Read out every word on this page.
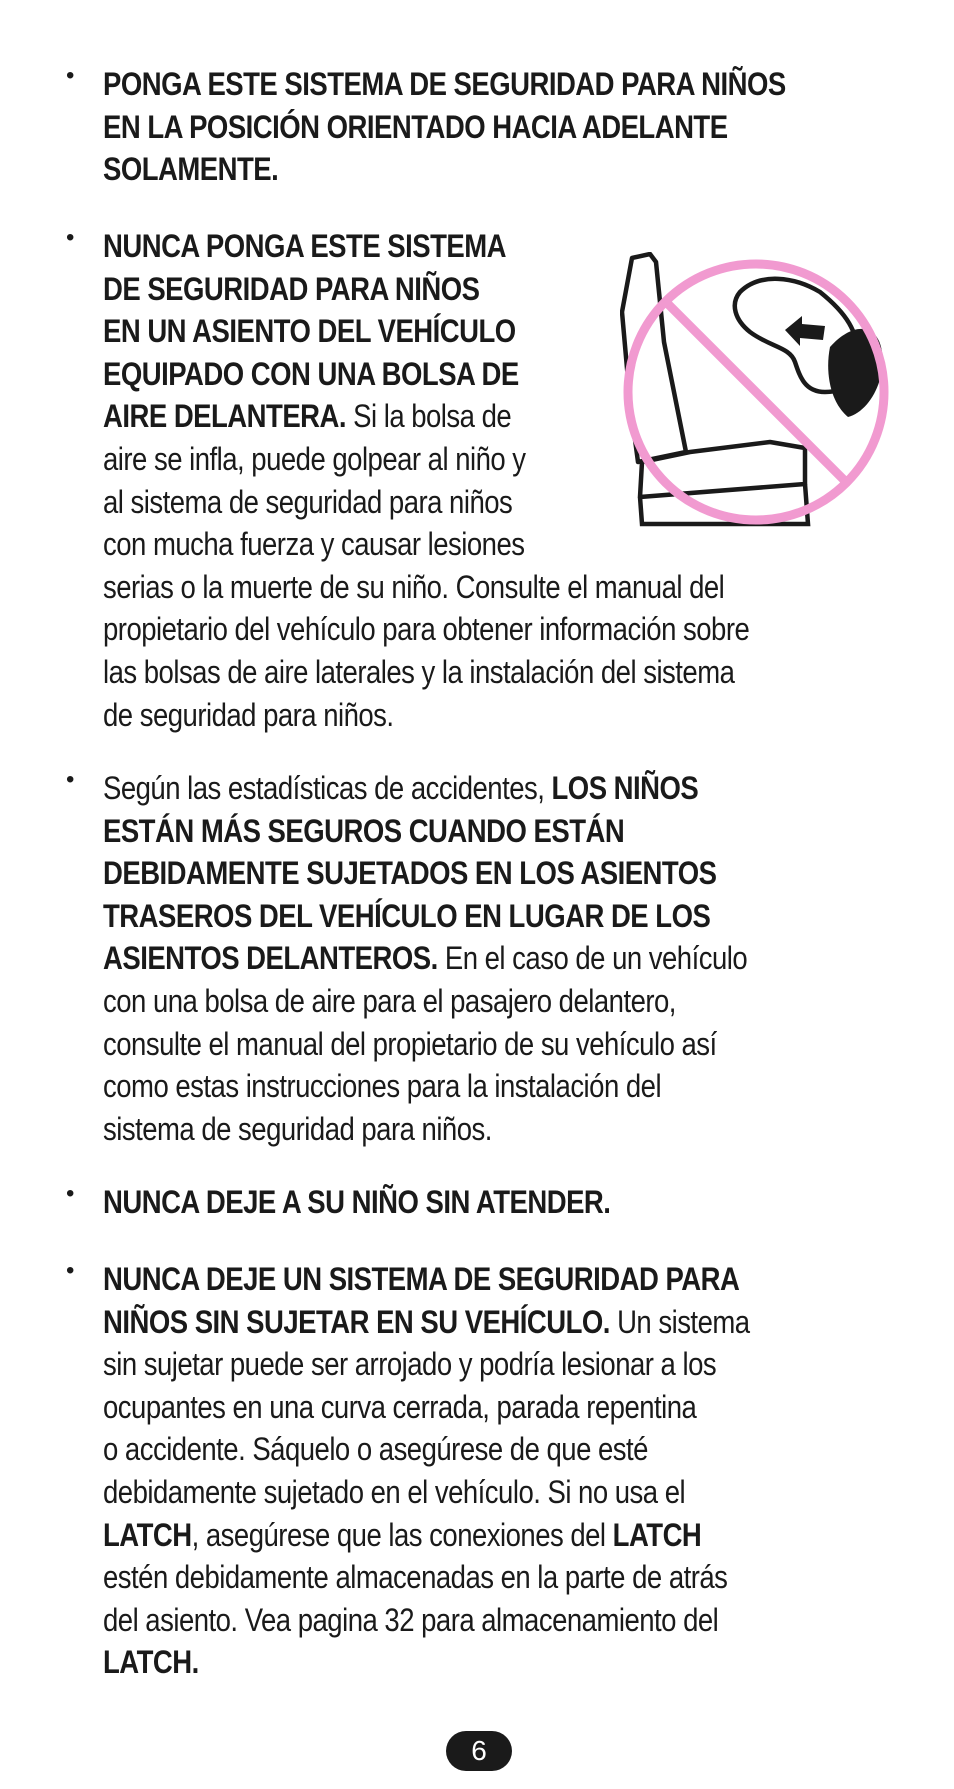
• PONGA ESTE SISTEMA DE SEGURIDAD PARA NIÑOS
EN LA POSICIÓN ORIENTADO HACIA ADELANTE
SOLAMENTE.
• NUNCA PONGA ESTE SISTEMA
DE SEGURIDAD PARA NIÑOS
EN UN ASIENTO DEL VEHÍCULO
EQUIPADO CON UNA BOLSA DE
AIRE DELANTERA. Si la bolsa de
aire se infla, puede golpear al niño y
al sistema de seguridad para niños
con mucha fuerza y causar lesiones
serias o la muerte de su niño. Consulte el manual del
propietario del vehículo para obtener información sobre
las bolsas de aire laterales y la instalación del sistema
de seguridad para niños.
• Según las estadísticas de accidentes, LOS NIÑOS
ESTÁN MÁS SEGUROS CUANDO ESTÁN
DEBIDAMENTE SUJETADOS EN LOS ASIENTOS
TRASEROS DEL VEHÍCULO EN LUGAR DE LOS
ASIENTOS DELANTEROS. En el caso de un vehículo
con una bolsa de aire para el pasajero delantero,
consulte el manual del propietario de su vehículo así
como estas instrucciones para la instalación del
sistema de seguridad para niños.
• NUNCA DEJE A SU NIÑO SIN ATENDER.
• NUNCA DEJE UN SISTEMA DE SEGURIDAD PARA
NIÑOS SIN SUJETAR EN SU VEHÍCULO. Un sistema
sin sujetar puede ser arrojado y podría lesionar a los
ocupantes en una curva cerrada, parada repentina
o accidente. Sáquelo o asegúrese de que esté
debidamente sujetado en el vehículo. Si no usa el
LATCH, asegúrese que las conexiones del LATCH
estén debidamente almacenadas en la parte de atrás
del asiento. Vea pagina 32 para almacenamiento del
LATCH.
6
